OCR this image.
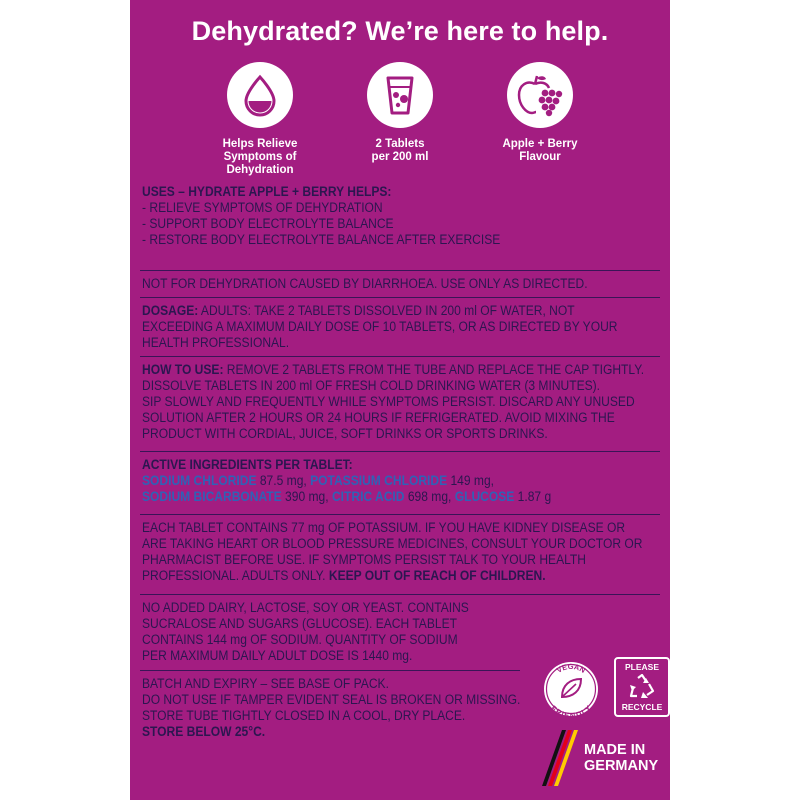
Dehydrated? We’re here to help.
Helps Relieve
Symptoms of
Dehydration
2 Tablets
per 200 ml
Apple + Berry
Flavour
USES – HYDRATE APPLE + BERRY HELPS:
- RELIEVE SYMPTOMS OF DEHYDRATION
- SUPPORT BODY ELECTROLYTE BALANCE
- RESTORE BODY ELECTROLYTE BALANCE AFTER EXERCISE
NOT FOR DEHYDRATION CAUSED BY DIARRHOEA. USE ONLY AS DIRECTED.
DOSAGE: ADULTS: TAKE 2 TABLETS DISSOLVED IN 200 ml OF WATER, NOT
EXCEEDING A MAXIMUM DAILY DOSE OF 10 TABLETS, OR AS DIRECTED BY YOUR
HEALTH PROFESSIONAL.
HOW TO USE: REMOVE 2 TABLETS FROM THE TUBE AND REPLACE THE CAP TIGHTLY.
DISSOLVE TABLETS IN 200 ml OF FRESH COLD DRINKING WATER (3 MINUTES).
SIP SLOWLY AND FREQUENTLY WHILE SYMPTOMS PERSIST. DISCARD ANY UNUSED
SOLUTION AFTER 2 HOURS OR 24 HOURS IF REFRIGERATED. AVOID MIXING THE
PRODUCT WITH CORDIAL, JUICE, SOFT DRINKS OR SPORTS DRINKS.
ACTIVE INGREDIENTS PER TABLET:
SODIUM CHLORIDE 87.5 mg, POTASSIUM CHLORIDE 149 mg,
SODIUM BICARBONATE 390 mg, CITRIC ACID 698 mg, GLUCOSE 1.87 g
EACH TABLET CONTAINS 77 mg OF POTASSIUM. IF YOU HAVE KIDNEY DISEASE OR
ARE TAKING HEART OR BLOOD PRESSURE MEDICINES, CONSULT YOUR DOCTOR OR
PHARMACIST BEFORE USE. IF SYMPTOMS PERSIST TALK TO YOUR HEALTH
PROFESSIONAL. ADULTS ONLY. KEEP OUT OF REACH OF CHILDREN.
NO ADDED DAIRY, LACTOSE, SOY OR YEAST. CONTAINS
SUCRALOSE AND SUGARS (GLUCOSE). EACH TABLET
CONTAINS 144 mg OF SODIUM. QUANTITY OF SODIUM
PER MAXIMUM DAILY ADULT DOSE IS 1440 mg.
BATCH AND EXPIRY – SEE BASE OF PACK.
DO NOT USE IF TAMPER EVIDENT SEAL IS BROKEN OR MISSING.
STORE TUBE TIGHTLY CLOSED IN A COOL, DRY PLACE.
STORE BELOW 25°C.
VEGAN
FRIENDLY
PLEASE
RECYCLE
MADE IN
GERMANY
